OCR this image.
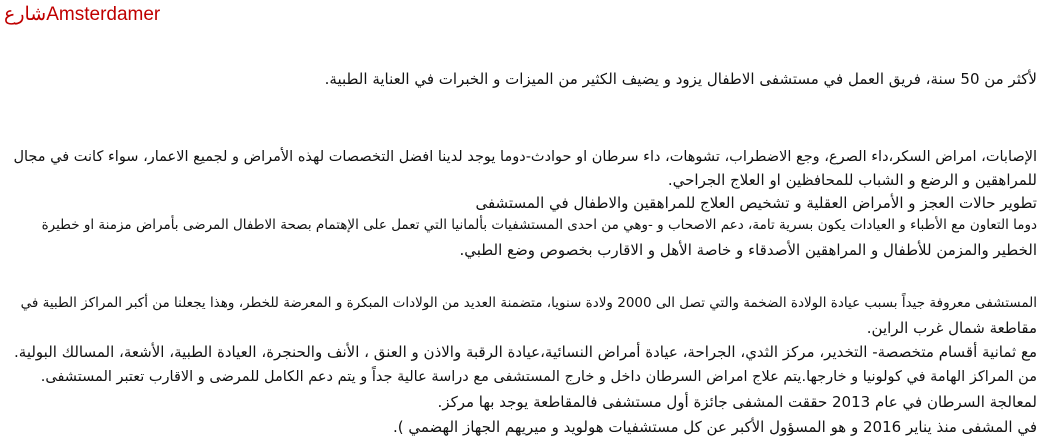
شارعAmsterdamer
لأكثر من 50 سنة، فريق العمل في مستشفى الاطفال يزود و يضيف الكثير من الميزات و الخبرات في العناية الطبية.
الإصابات، امراض السكر،داء الصرع، وجع الاضطراب، تشوهات، داء سرطان او حوادث-دوما يوجد لدينا افضل التخصصات لهذه الأمراض و لجميع الاعمار، سواء كانت في مجال
للمراهقين و الرضع و الشباب للمحافظين او العلاج الجراحي.
تطوير حالات العجز و الأمراض العقلية و تشخيص العلاج للمراهقين والاطفال في المستشفى
دوما التعاون مع الأطباء و العيادات يكون بسرية تامة، دعم الاصحاب و -وهي من احدى المستشفيات بألمانيا التي تعمل على الإهتمام بصحة الاطفال المرضى بأمراض مزمنة او خطيرة
الخطير والمزمن للأطفال و المراهقين الأصدقاء و خاصة الأهل و الاقارب بخصوص وضع الطبي.
المستشفى معروفة جيداً بسبب عيادة الولادة الضخمة والتي تصل الى 2000 ولادة سنويا، متضمنة العديد من الولادات المبكرة و المعرضة للخطر، وهذا يجعلنا من أكبر المراكز الطبية في
مقاطعة شمال غرب الراين.
مع ثمانية أقسام متخصصة- التخدير، مركز الثدي، الجراحة، عيادة أمراض النسائية،عيادة الرقبة والاذن و العنق ، الأنف والحنجرة، العيادة الطبية، الأشعة، المسالك البولية.
من المراكز الهامة في كولونيا و خارجها.يتم علاج امراض السرطان داخل و خارج المستشفى مع دراسة عالية جداً و يتم دعم الكامل للمرضى و الاقارب تعتبر المستشفى.
لمعالجة السرطان في عام 2013 حققت المشفى جائزة أول مستشفى فالمقاطعة يوجد بها مركز.
في المشفى منذ يناير 2016 و هو المسؤول الأكبر عن كل مستشفيات هولويد و ميريهم الجهاز الهضمي ).
